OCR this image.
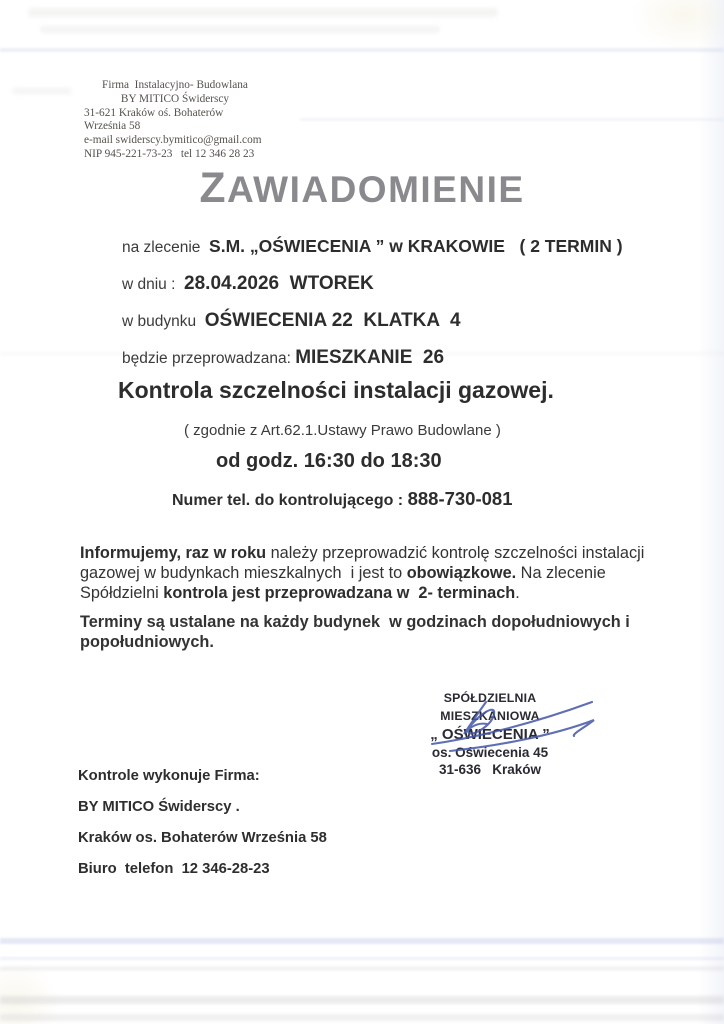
Firma  Instalacyjno- Budowlana
BY MITICO Świderscy
31-621 Kraków oś. Bohaterów Września 58
e-mail swiderscy.bymitico@gmail.com
NIP 945-221-73-23   tel 12 346 28 23
ZAWIADOMIENIE
na zlecenie  S.M. „OŚWIECENIA ” w KRAKOWIE   ( 2 TERMIN )
w dniu :  28.04.2026  WTOREK
w budynku  OŚWIECENIA 22  KLATKA  4
będzie przeprowadzana: MIESZKANIE  26
Kontrola szczelności instalacji gazowej.
( zgodnie z Art.62.1.Ustawy Prawo Budowlane )
od godz. 16:30 do 18:30
Numer tel. do kontrolującego : 888-730-081
Informujemy, raz w roku należy przeprowadzić kontrolę szczelności instalacji gazowej w budynkach mieszkalnych  i jest to obowiązkowe. Na zlecenie Spółdzielni kontrola jest przeprowadzana w  2- terminach.
Terminy są ustalane na każdy budynek  w godzinach dopołudniowych i popołudniowych.
SPÓŁDZIELNIA MIESZKANIOWA
„ OŚWIECENIA ”
os. Oświecenia 45
31-636   Kraków
Kontrole wykonuje Firma:
BY MITICO Świderscy .
Kraków os. Bohaterów Września 58
Biuro  telefon  12 346-28-23
